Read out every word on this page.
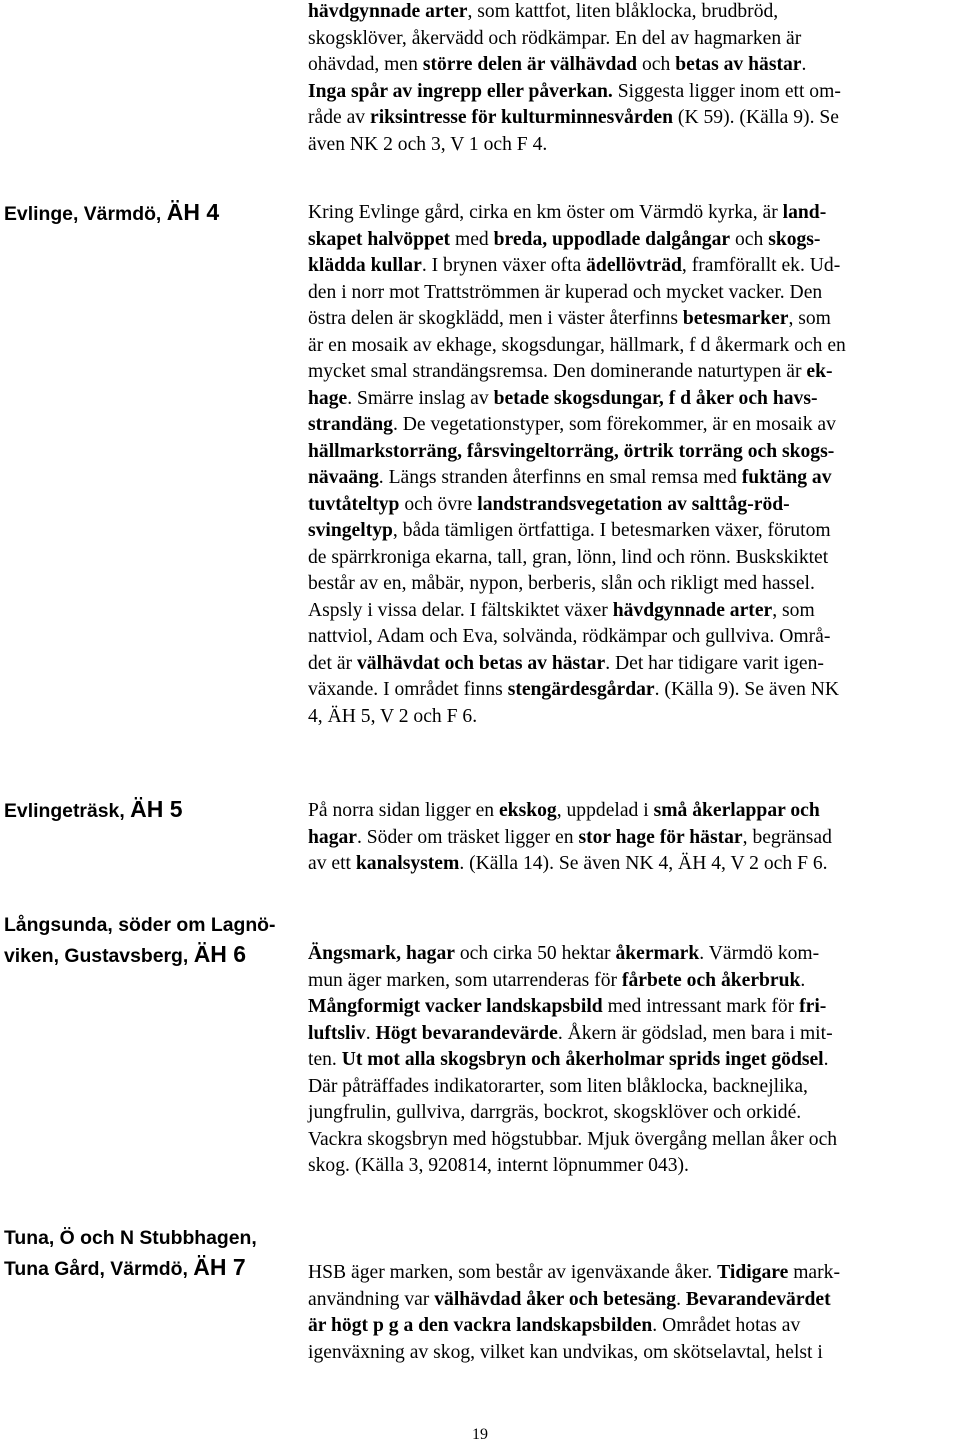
hävdgynnade arter, som kattfot, liten blåklocka, brudbröd,
skogsklöver, åkervädd och rödkämpar. En del av hagmarken är
ohävdad, men större delen är välhävdad och betas av hästar.
Inga spår av ingrepp eller påverkan. Siggesta ligger inom ett om-
råde av riksintresse för kulturminnesvården (K 59). (Källa 9). Se
även NK 2 och 3, V 1 och F 4.
Evlinge, Värmdö, ÄH 4	Kring Evlinge gård, cirka en km öster om Värmdö kyrka, är land-
skapet halvöppet med breda, uppodlade dalgångar och skogs-
klädda kullar. I brynen växer ofta ädellövträd, framförallt ek. Ud-
den i norr mot Trattströmmen är kuperad och mycket vacker. Den
östra delen är skogklädd, men i väster återfinns betesmarker, som
är en mosaik av ekhage, skogsdungar, hällmark, f d åkermark och en
mycket smal strandängsremsa. Den dominerande naturtypen är ek-
hage. Smärre inslag av betade skogsdungar, f d åker och havs-
strandäng. De vegetationstyper, som förekommer, är en mosaik av
hällmarkstorräng, fårsvingeltorräng, örtrik torräng och skogs-
nävaäng. Längs stranden återfinns en smal remsa med fuktäng av
tuvtåteltyp och övre landstrandsvegetation av salttåg-röd-
svingeltyp, båda tämligen örtfattiga. I betesmarken växer, förutom
de spärrkroniga ekarna, tall, gran, lönn, lind och rönn. Buskskiktet
består av en, måbär, nypon, berberis, slån och rikligt med hassel.
Aspsly i vissa delar. I fältskiktet växer hävdgynnade arter, som
nattviol, Adam och Eva, solvända, rödkämpar och gullviva. Områ-
det är välhävdat och betas av hästar. Det har tidigare varit igen-
växande. I området finns stengärdesgårdar. (Källa 9). Se även NK
4, ÄH 5, V 2 och F 6.
Evlingeträsk, ÄH 5	På norra sidan ligger en ekskog, uppdelad i små åkerlappar och
hagar. Söder om träsket ligger en stor hage för hästar, begränsad
av ett kanalsystem. (Källa 14). Se även NK 4, ÄH 4, V 2 och F 6.
Långsunda, söder om Lagnö-
viken, Gustavsberg, ÄH 6	Ängsmark, hagar och cirka 50 hektar åkermark. Värmdö kom-
mun äger marken, som utarrenderas för fårbete och åkerbruk.
Mångformigt vacker landskapsbild med intressant mark för fri-
luftsliv. Högt bevarandevärde. Åkern är gödslad, men bara i mit-
ten. Ut mot alla skogsbryn och åkerholmar sprids inget gödsel.
Där påträffades indikatorarter, som liten blåklocka, backnejlika,
jungfrulin, gullviva, darrgräs, bockrot, skogsklöver och orkidé.
Vackra skogsbryn med högstubbar. Mjuk övergång mellan åker och
skog. (Källa 3, 920814, internt löpnummer 043).
Tuna, Ö och N Stubbhagen,
Tuna Gård, Värmdö, ÄH 7	HSB äger marken, som består av igenväxande åker. Tidigare mark-
användning var välhävdad åker och betesäng. Bevarandevärdet
är högt p g a den vackra landskapsbilden. Området hotas av
igenväxning av skog, vilket kan undvikas, om skötselavtal, helst i
19
